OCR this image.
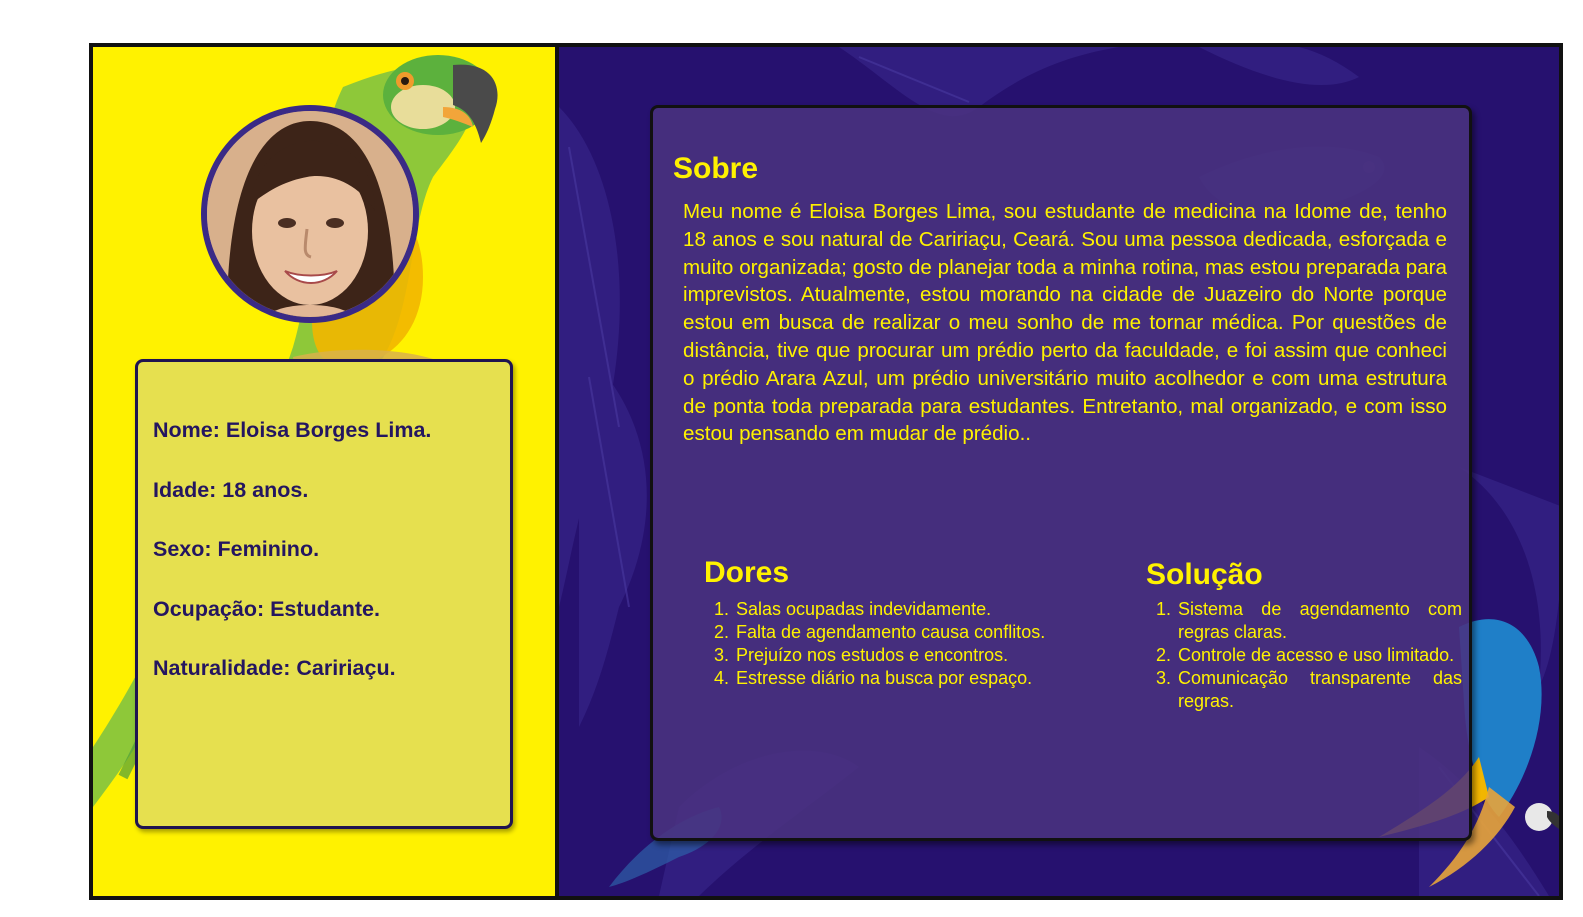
Nome: Eloisa Borges Lima.

Idade: 18 anos.

Sexo: Feminino.

Ocupação: Estudante.

Naturalidade: Caririaçu.

Sobre

Meu nome é Eloisa Borges Lima, sou estudante de medicina na Idome de, tenho 18 anos e sou natural de Caririaçu, Ceará. Sou uma pessoa dedicada, esforçada e muito organizada; gosto de planejar toda a minha rotina, mas estou preparada para imprevistos. Atualmente, estou morando na cidade de Juazeiro do Norte porque estou em busca de realizar o meu sonho de me tornar médica. Por questões de distância, tive que procurar um prédio perto da faculdade, e foi assim que conheci o prédio Arara Azul, um prédio universitário muito acolhedor e com uma estrutura de ponta toda preparada para estudantes. Entretanto, mal organizado, e com isso estou pensando em mudar de prédio..

Dores
1. Salas ocupadas indevidamente.
2. Falta de agendamento causa conflitos.
3. Prejuízo nos estudos e encontros.
4. Estresse diário na busca por espaço.
Solução
1. Sistema de agendamento com regras claras.
2. Controle de acesso e uso limitado.
3. Comunicação transparente das regras.
